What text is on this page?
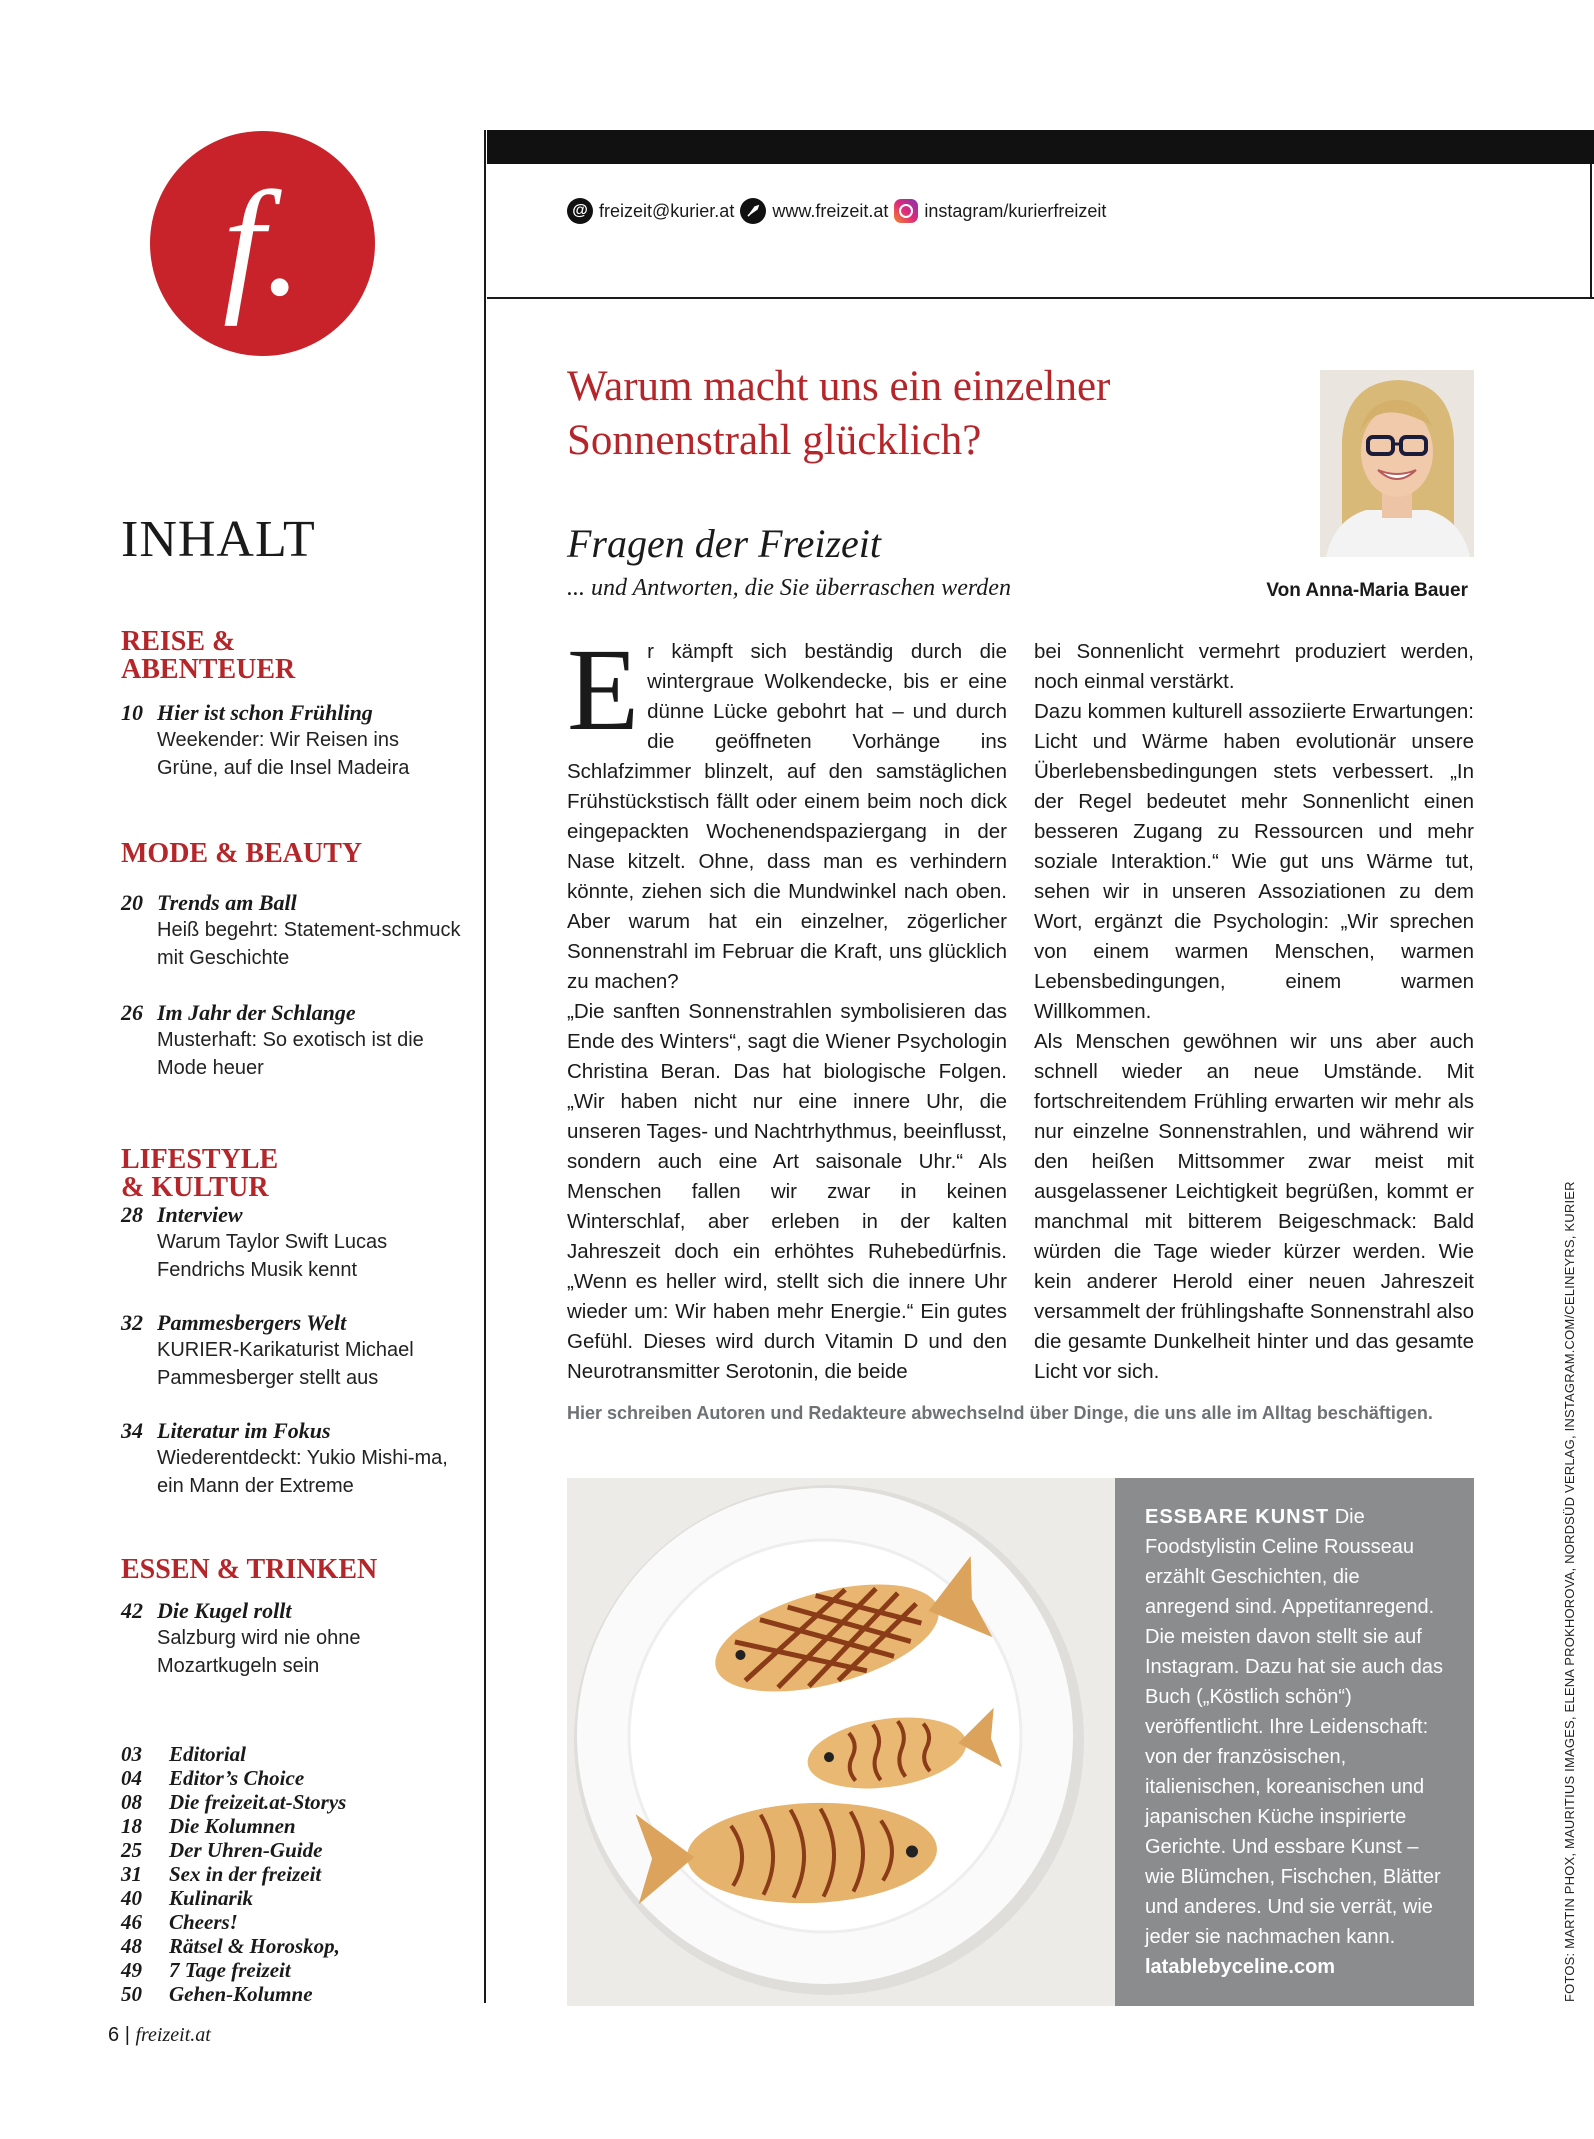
f.
INHALT
REISE &
ABENTEUER
10 Hier ist schon Frühling
Weekender: Wir Reisen ins Grüne, auf die Insel Madeira
MODE & BEAUTY
20 Trends am Ball
Heiß begehrt: Statement-schmuck mit Geschichte
26 Im Jahr der Schlange
Musterhaft: So exotisch ist die Mode heuer
LIFESTYLE
& KULTUR
28 Interview
Warum Taylor Swift Lucas Fendrichs Musik kennt
32 Pammesbergers Welt
KURIER-Karikaturist Michael Pammesberger stellt aus
34 Literatur im Fokus
Wiederentdeckt: Yukio Mishi-ma, ein Mann der Extreme
ESSEN & TRINKEN
42 Die Kugel rollt
Salzburg wird nie ohne Mozartkugeln sein
03 Editorial
04 Editor’s Choice
08 Die freizeit.at-Storys
18 Die Kolumnen
25 Der Uhren-Guide
31 Sex in der freizeit
40 Kulinarik
46 Cheers!
48 Rätsel & Horoskop,
49 7 Tage freizeit
50 Gehen-Kolumne
@ freizeit@kurier.at www.freizeit.at instagram/kurierfreizeit
Warum macht uns ein einzelner
Sonnenstrahl glücklich?
Von Anna-Maria Bauer
Fragen der Freizeit
... und Antworten, die Sie überraschen werden

Er kämpft sich beständig durch die wintergraue Wolkendecke, bis er eine dünne Lücke gebohrt hat – und durch die geöffneten Vorhänge ins Schlafzimmer blinzelt, auf den samstäglichen Frühstückstisch fällt oder einem beim noch dick eingepackten Wochenendspaziergang in der Nase kitzelt. Ohne, dass man es verhindern könnte, ziehen sich die Mundwinkel nach oben. Aber warum hat ein einzelner, zögerlicher Sonnenstrahl im Februar die Kraft, uns glücklich zu machen?

„Die sanften Sonnenstrahlen symbolisieren das Ende des Winters“, sagt die Wiener Psychologin Christina Beran. Das hat biologische Folgen. „Wir haben nicht nur eine innere Uhr, die unseren Tages- und Nachtrhythmus, beeinflusst, sondern auch eine Art saisonale Uhr.“ Als Menschen fallen wir zwar in keinen Winterschlaf, aber erleben in der kalten Jahreszeit doch ein erhöhtes Ruhebedürfnis. „Wenn es heller wird, stellt sich die innere Uhr wieder um: Wir haben mehr Energie.“ Ein gutes Gefühl. Dieses wird durch Vitamin D und den Neurotransmitter Serotonin, die beide

bei Sonnenlicht vermehrt produziert werden, noch einmal verstärkt.

Dazu kommen kulturell assoziierte Erwartungen: Licht und Wärme haben evolutionär unsere Überlebensbedingungen stets verbessert. „In der Regel bedeutet mehr Sonnenlicht einen besseren Zugang zu Ressourcen und mehr soziale Interaktion.“ Wie gut uns Wärme tut, sehen wir in unseren Assoziationen zu dem Wort, ergänzt die Psychologin: „Wir sprechen von einem warmen Menschen, warmen Lebensbedingungen, einem warmen Willkommen.

Als Menschen gewöhnen wir uns aber auch schnell wieder an neue Umstände. Mit fortschreitendem Frühling erwarten wir mehr als nur einzelne Sonnenstrahlen, und während wir den heißen Mittsommer zwar meist mit ausgelassener Leichtigkeit begrüßen, kommt er manchmal mit bitterem Beigeschmack: Bald würden die Tage wieder kürzer werden. Wie kein anderer Herold einer neuen Jahreszeit versammelt der frühlingshafte Sonnenstrahl also die gesamte Dunkelheit hinter und das gesamte Licht vor sich.

Hier schreiben Autoren und Redakteure abwechselnd über Dinge, die uns alle im Alltag beschäftigen.
ESSBARE KUNST Die Foodstylistin Celine Rousseau erzählt Geschichten, die anregend sind. Appetitanregend. Die meisten davon stellt sie auf Instagram. Dazu hat sie auch das Buch („Köstlich schön“) veröffentlicht. Ihre Leidenschaft: von der französischen, italienischen, koreanischen und japanischen Küche inspirierte Gerichte. Und essbare Kunst – wie Blümchen, Fischchen, Blätter und anderes. Und sie verrät, wie jeder sie nachmachen kann.
latablebyceline.com	FOTOS: MARTIN PHOX, MAURITIUS IMAGES, ELENA PROKHOROVA, NORDSÜD VERLAG, INSTAGRAM.COM/CELINEYRS, KURIER
6 | freizeit.at
